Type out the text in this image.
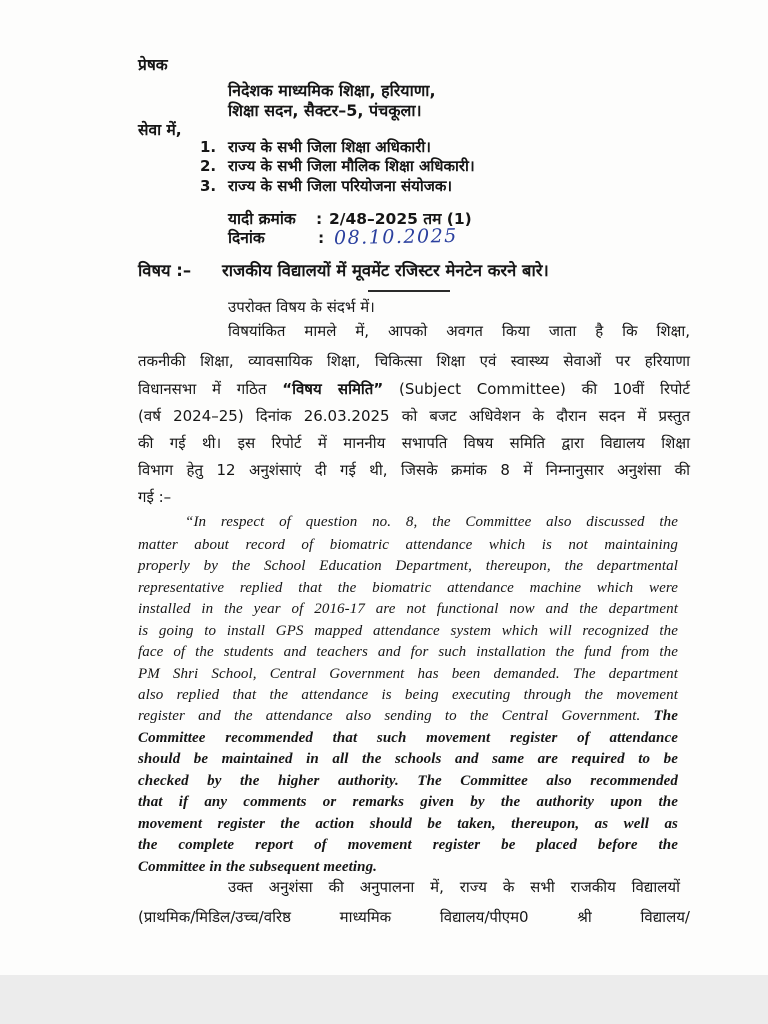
प्रेषक
निदेशक माध्यमिक शिक्षा, हरियाणा,
शिक्षा सदन, सैक्टर–5, पंचकूला।
सेवा में,
1. राज्य के सभी जिला शिक्षा अधिकारी।
2. राज्य के सभी जिला मौलिक शिक्षा अधिकारी।
3. राज्य के सभी जिला परियोजना संयोजक।
यादी क्रमांक : 2/48–2025 तम (1)
दिनांक	: 08.10.2025
विषय :– राजकीय विद्यालयों में मूवमेंट रजिस्टर मेनटेन करने बारे।
उपरोक्त विषय के संदर्भ में।
विषयांकित मामले में, आपको अवगत किया जाता है कि शिक्षा,
तकनीकी शिक्षा, व्यावसायिक शिक्षा, चिकित्सा शिक्षा एवं स्वास्थ्य सेवाओं पर हरियाणा
विधानसभा में गठित “विषय समिति” (Subject Committee) की 10वीं रिपोर्ट
(वर्ष 2024–25) दिनांक 26.03.2025 को बजट अधिवेशन के दौरान सदन में प्रस्तुत
की गई थी। इस रिपोर्ट में माननीय सभापति विषय समिति द्वारा विद्यालय शिक्षा
विभाग हेतु 12 अनुशंसाएं दी गई थी, जिसके क्रमांक 8 में निम्नानुसार अनुशंसा की
गई :–
“In respect of question no. 8, the Committee also discussed the
matter about record of biomatric attendance which is not maintaining
properly by the School Education Department, thereupon, the departmental
representative replied that the biomatric attendance machine which were
installed in the year of 2016-17 are not functional now and the department
is going to install GPS mapped attendance system which will recognized the
face of the students and teachers and for such installation the fund from the
PM Shri School, Central Government has been demanded. The department
also replied that the attendance is being executing through the movement
register and the attendance also sending to the Central Government. The
Committee recommended that such movement register of attendance
should be maintained in all the schools and same are required to be
checked by the higher authority. The Committee also recommended
that if any comments or remarks given by the authority upon the
movement register the action should be taken, thereupon, as well as
the complete report of movement register be placed before the
Committee in the subsequent meeting.
उक्त अनुशंसा की अनुपालना में, राज्य के सभी राजकीय विद्यालयों
(प्राथमिक/मिडिल/उच्च/वरिष्ठ माध्यमिक विद्यालय/पीएम0 श्री विद्यालय/
